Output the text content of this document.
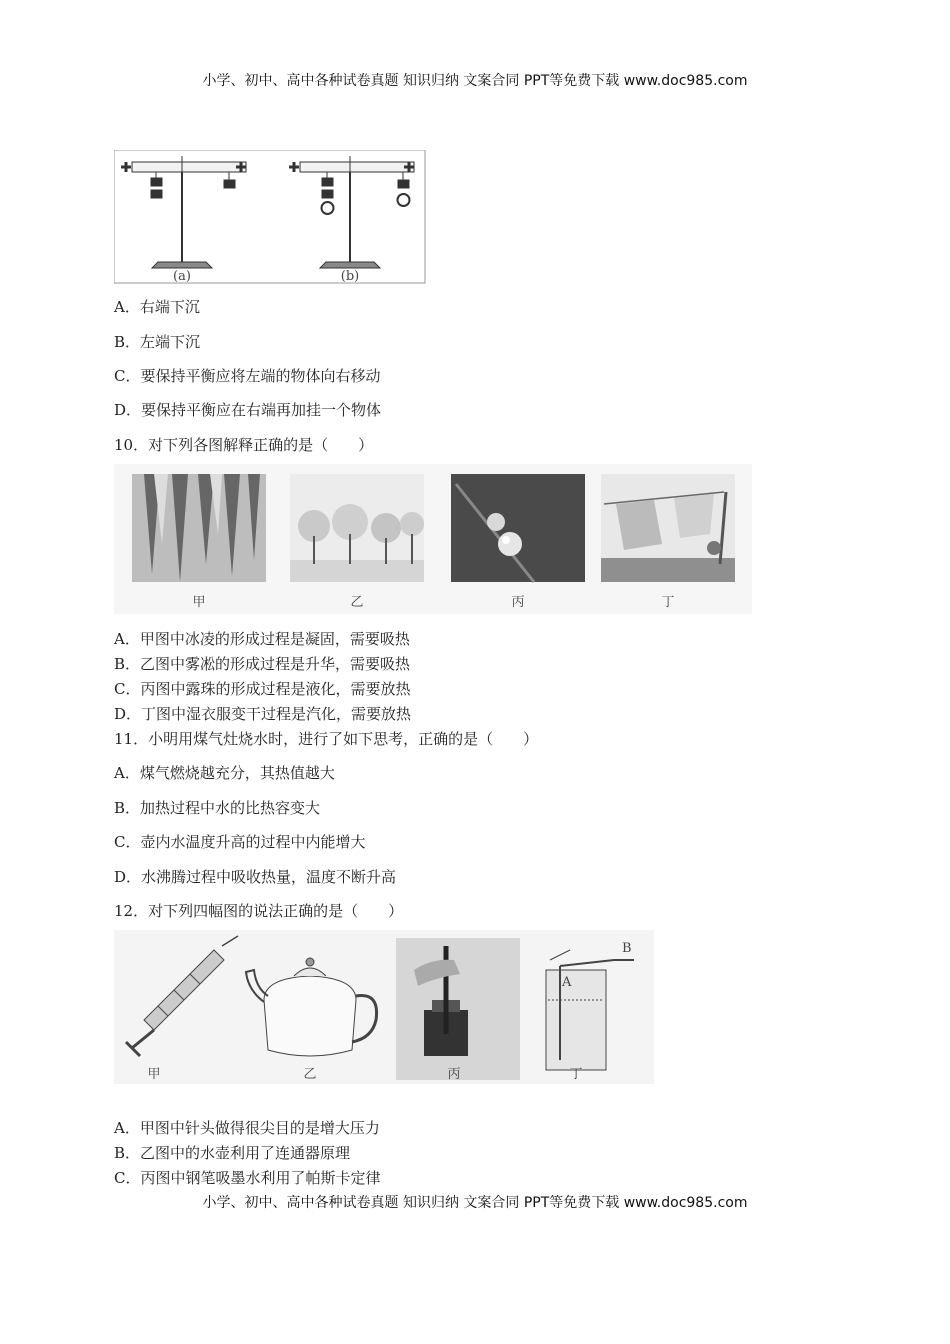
小学、初中、高中各种试卷真题 知识归纳 文案合同 PPT等免费下载 www.doc985.com
(a)	(b)
A．右端下沉
B．左端下沉
C．要保持平衡应将左端的物体向右移动
D．要保持平衡应在右端再加挂一个物体
10．对下列各图解释正确的是（　　）
甲	乙	丙	丁
A．甲图中冰凌的形成过程是凝固，需要吸热
B．乙图中雾凇的形成过程是升华，需要吸热
C．丙图中露珠的形成过程是液化，需要放热
D．丁图中湿衣服变干过程是汽化，需要放热
11．小明用煤气灶烧水时，进行了如下思考，正确的是（　　）
A．煤气燃烧越充分，其热值越大
B．加热过程中水的比热容变大
C．壶内水温度升高的过程中内能增大
D．水沸腾过程中吸收热量，温度不断升高
12．对下列四幅图的说法正确的是（　　）
A
B
甲	乙	丙	丁
A．甲图中针头做得很尖目的是增大压力
B．乙图中的水壶利用了连通器原理
C．丙图中钢笔吸墨水利用了帕斯卡定律
小学、初中、高中各种试卷真题 知识归纳 文案合同 PPT等免费下载 www.doc985.com
